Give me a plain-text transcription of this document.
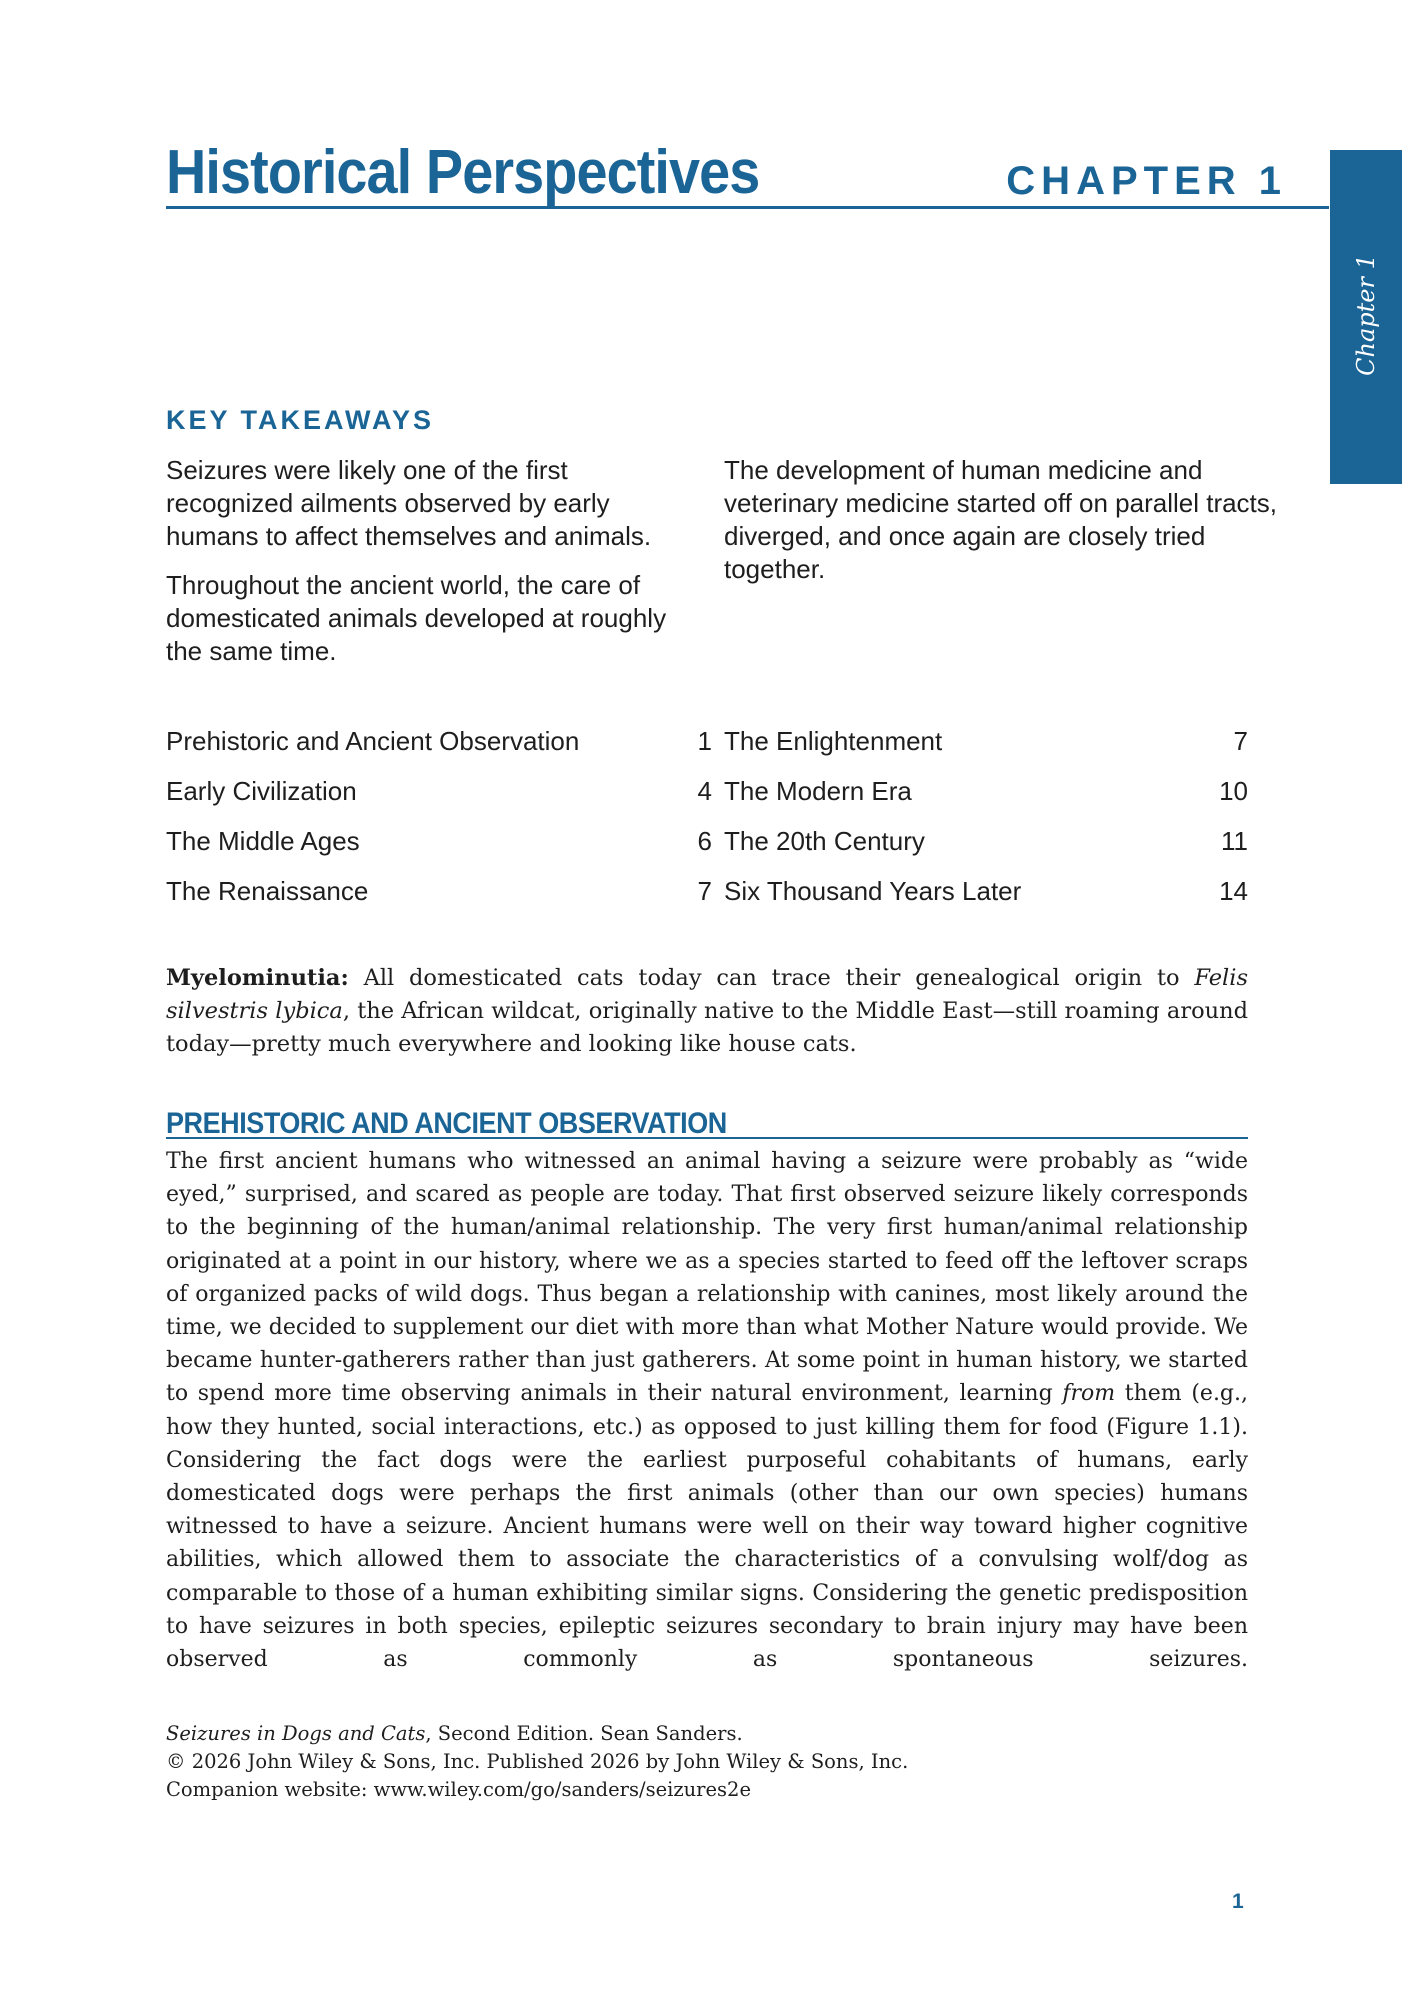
Historical Perspectives	CHAPTER 1
Chapter 1
KEY TAKEAWAYS

Seizures were likely one of the first recognized ailments observed by early humans to affect themselves and animals.

Throughout the ancient world, the care of domesticated animals developed at roughly the same time.

The development of human medicine and veterinary medicine started off on parallel tracts, diverged, and once again are closely tried together.

Prehistoric and Ancient Observation	1
Early Civilization	4
The Middle Ages	6
The Renaissance	7
The Enlightenment	7
The Modern Era	10
The 20th Century	11
Six Thousand Years Later	14
Myelominutia: All domesticated cats today can trace their genealogical origin to Felis silvestris lybica, the African wildcat, originally native to the Middle East—still roaming around today—pretty much everywhere and looking like house cats.
PREHISTORIC AND ANCIENT OBSERVATION
The first ancient humans who witnessed an animal having a seizure were probably as “wide eyed,” surprised, and scared as people are today. That first observed seizure likely corresponds to the beginning of the human/animal relationship. The very first human/animal relationship originated at a point in our history, where we as a species started to feed off the leftover scraps of organized packs of wild dogs. Thus began a relationship with canines, most likely around the time, we decided to supplement our diet with more than what Mother Nature would provide. We became hunter-gatherers rather than just gatherers. At some point in human history, we started to spend more time observing animals in their natural environment, learning from them (e.g., how they hunted, social interactions, etc.) as opposed to just killing them for food (Figure 1.1). Considering the fact dogs were the earliest purposeful cohabitants of humans, early domesticated dogs were perhaps the first animals (other than our own species) humans witnessed to have a seizure. Ancient humans were well on their way toward higher cognitive abilities, which allowed them to associate the characteristics of a convulsing wolf/dog as comparable to those of a human exhibiting similar signs. Considering the genetic predisposition to have seizures in both species, epileptic seizures secondary to brain injury may have been observed as commonly as spontaneous seizures.
Seizures in Dogs and Cats, Second Edition. Sean Sanders.
© 2026 John Wiley & Sons, Inc. Published 2026 by John Wiley & Sons, Inc.
Companion website: www.wiley.com/go/sanders/seizures2e
1
